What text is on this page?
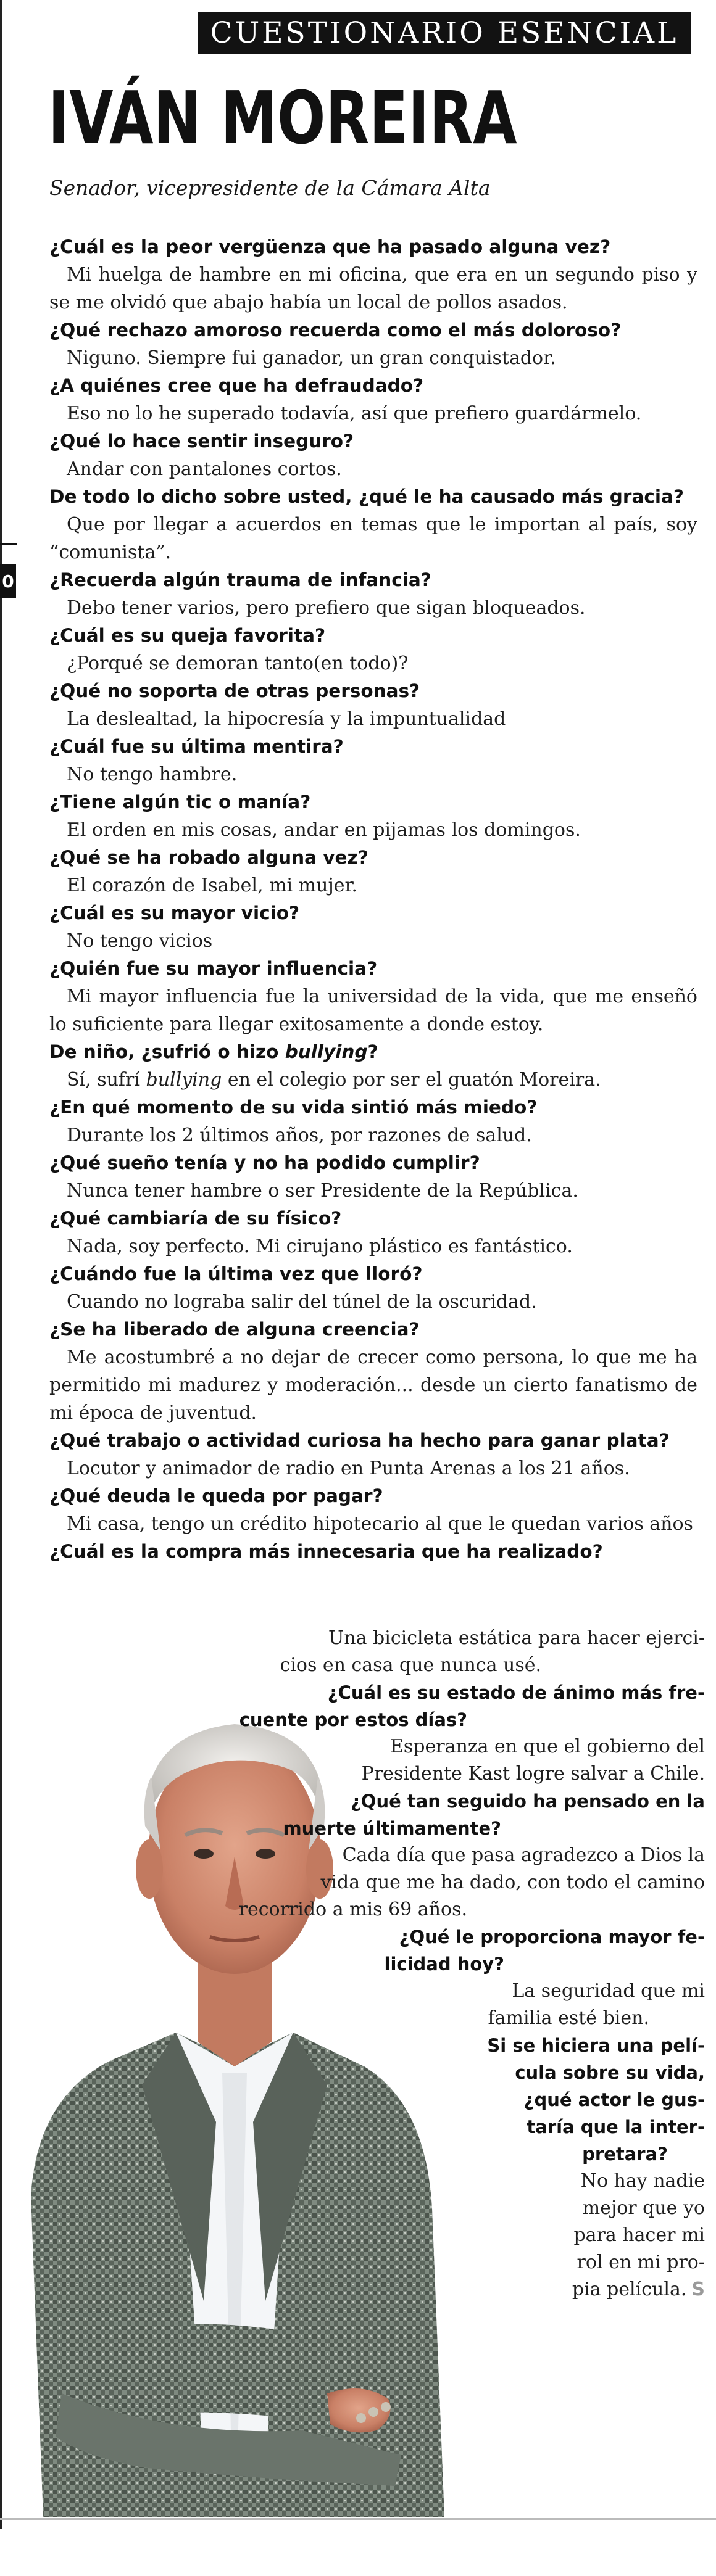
0
CUESTIONARIO ESENCIAL
IVÁN MOREIRA
Senador, vicepresidente de la Cámara Alta
¿Cuál es la peor vergüenza que ha pasado alguna vez?
Mi huelga de hambre en mi oficina, que era en un segundo piso y se me olvidó que abajo había un local de pollos asados.
¿Qué rechazo amoroso recuerda como el más doloroso?
Niguno. Siempre fui ganador, un gran conquistador.
¿A quiénes cree que ha defraudado?
Eso no lo he superado todavía, así que prefiero guardármelo.
¿Qué lo hace sentir inseguro?
Andar con pantalones cortos.
De todo lo dicho sobre usted, ¿qué le ha causado más gracia?
Que por llegar a acuerdos en temas que le importan al país, soy “comunista”.
¿Recuerda algún trauma de infancia?
Debo tener varios, pero prefiero que sigan bloqueados.
¿Cuál es su queja favorita?
¿Porqué se demoran tanto(en todo)?
¿Qué no soporta de otras personas?
La deslealtad, la hipocresía y la impuntualidad
¿Cuál fue su última mentira?
No tengo hambre.
¿Tiene algún tic o manía?
El orden en mis cosas, andar en pijamas los domingos.
¿Qué se ha robado alguna vez?
El corazón de Isabel, mi mujer.
¿Cuál es su mayor vicio?
No tengo vicios
¿Quién fue su mayor influencia?
Mi mayor influencia fue la universidad de la vida, que me enseñó lo suficiente para llegar exitosamente a donde estoy.
De niño, ¿sufrió o hizo bullying?
Sí, sufrí bullying en el colegio por ser el guatón Moreira.
¿En qué momento de su vida sintió más miedo?
Durante los 2 últimos años, por razones de salud.
¿Qué sueño tenía y no ha podido cumplir?
Nunca tener hambre o ser Presidente de la República.
¿Qué cambiaría de su físico?
Nada, soy perfecto. Mi cirujano plástico es fantástico.
¿Cuándo fue la última vez que lloró?
Cuando no lograba salir del túnel de la oscuridad.
¿Se ha liberado de alguna creencia?
Me acostumbré a no dejar de crecer como persona, lo que me ha permitido mi madurez y moderación... desde un cierto fanatismo de mi época de juventud.
¿Qué trabajo o actividad curiosa ha hecho para ganar plata?
Locutor y animador de radio en Punta Arenas a los 21 años.
¿Qué deuda le queda por pagar?
Mi casa, tengo un crédito hipotecario al que le quedan varios años
¿Cuál es la compra más innecesaria que ha realizado?
Una bicicleta estática para hacer ejerci-
cios en casa que nunca usé.
¿Cuál es su estado de ánimo más fre-
cuente por estos días?
Esperanza en que el gobierno del
Presidente Kast logre salvar a Chile.
¿Qué tan seguido ha pensado en la
muerte últimamente?
Cada día que pasa agradezco a Dios la
vida que me ha dado, con todo el camino
recorrido a mis 69 años.
¿Qué le proporciona mayor fe-
licidad hoy?
La seguridad que mi
familia esté bien.
Si se hiciera una pelí-
cula sobre su vida,
¿qué actor le gus-
taría que la inter-
pretara?
No hay nadie
mejor que yo
para hacer mi
rol en mi pro-
pia película. S
